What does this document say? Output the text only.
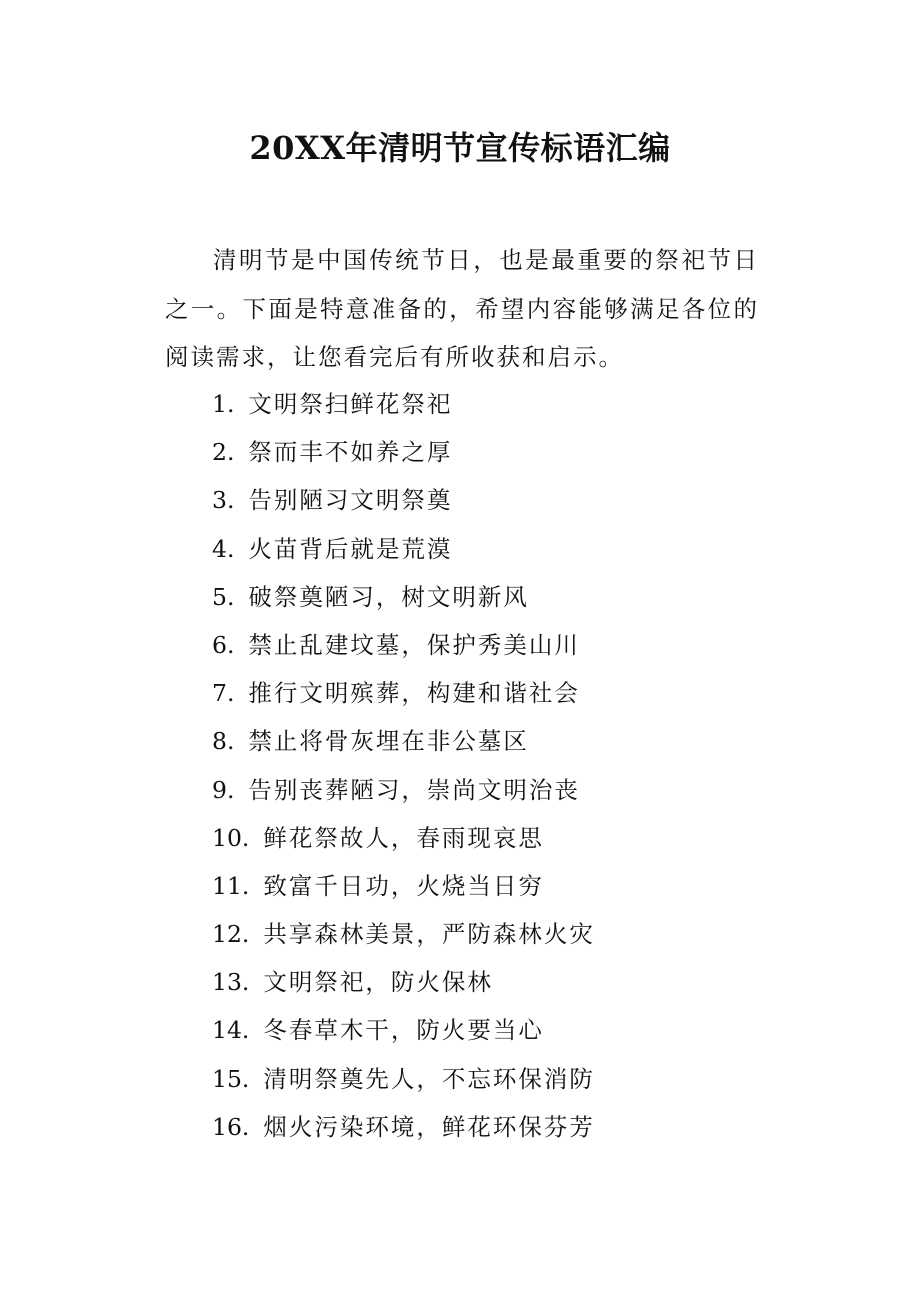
20XX年清明节宣传标语汇编

清明节是中国传统节日，也是最重要的祭祀节日之一。下面是特意准备的，希望内容能够满足各位的阅读需求，让您看完后有所收获和启示。

1. 文明祭扫鲜花祭祀
2. 祭而丰不如养之厚
3. 告别陋习文明祭奠
4. 火苗背后就是荒漠
5. 破祭奠陋习，树文明新风
6. 禁止乱建坟墓，保护秀美山川
7. 推行文明殡葬，构建和谐社会
8. 禁止将骨灰埋在非公墓区
9. 告别丧葬陋习，崇尚文明治丧
10. 鲜花祭故人，春雨现哀思
11. 致富千日功，火烧当日穷
12. 共享森林美景，严防森林火灾
13. 文明祭祀，防火保林
14. 冬春草木干，防火要当心
15. 清明祭奠先人，不忘环保消防
16. 烟火污染环境，鲜花环保芬芳
